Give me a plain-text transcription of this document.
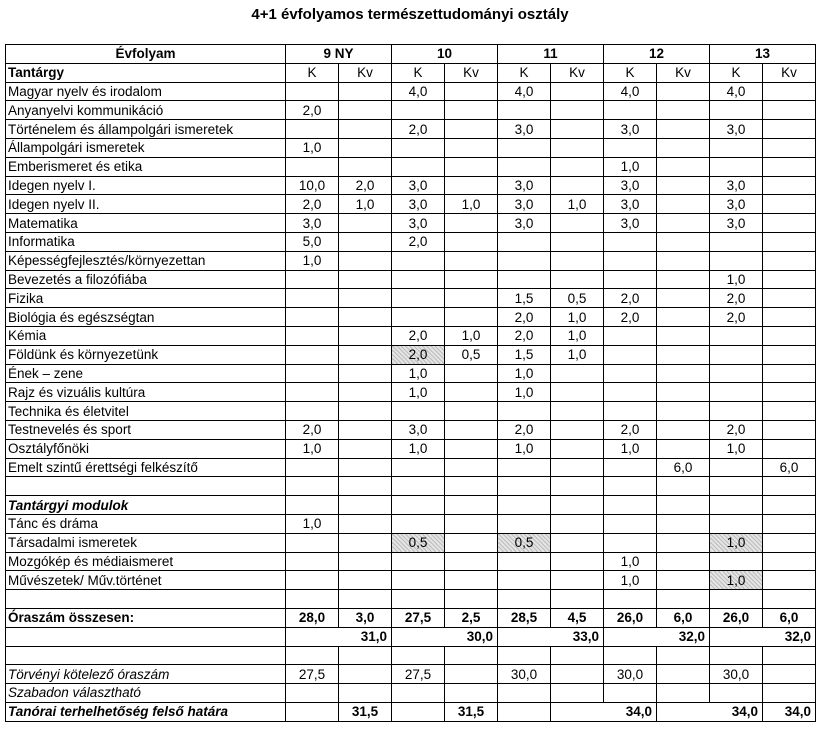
4+1 évfolyamos természettudományi osztály
Évfolyam	9 NY		10		11		12		13	
Tantárgy	K	Kv	K	Kv	K	Kv	K	Kv	K	Kv
Magyar nyelv és irodalom			4,0		4,0		4,0		4,0	
Anyanyelvi kommunikáció	2,0									
Történelem és állampolgári ismeretek			2,0		3,0		3,0		3,0	
Állampolgári ismeretek	1,0									
Emberismeret és etika							1,0			
Idegen nyelv I.	10,0	2,0	3,0		3,0		3,0		3,0	
Idegen nyelv II.	2,0	1,0	3,0	1,0	3,0	1,0	3,0		3,0	
Matematika	3,0		3,0		3,0		3,0		3,0	
Informatika	5,0		2,0							
Képességfejlesztés/környezettan	1,0									
Bevezetés a filozófiába									1,0	
Fizika					1,5	0,5	2,0		2,0	
Biológia és egészségtan					2,0	1,0	2,0		2,0	
Kémia			2,0	1,0	2,0	1,0				
Földünk és környezetünk			2,0	0,5	1,5	1,0				
Ének – zene			1,0		1,0					
Rajz és vizuális kultúra			1,0		1,0					
Technika és életvitel										
Testnevelés és sport	2,0		3,0		2,0		2,0		2,0	
Osztályfőnöki	1,0		1,0		1,0		1,0		1,0	
Emelt szintű érettségi felkészítő								6,0		6,0

Tantárgyi modulok										
Tánc és dráma	1,0									
Társadalmi ismeretek			0,5		0,5				1,0	
Mozgókép és médiaismeret							1,0			
Művészetek/ Műv.történet							1,0		1,0	

Óraszám összesen:	28,0	3,0	27,5	2,5	28,5	4,5	26,0	6,0	26,0	6,0
	31,0		30,0		33,0		32,0		32,0	

Törvényi kötelező óraszám	27,5		27,5		30,0		30,0		30,0	
Szabadon választható										
Tanórai terhelhetőség felső határa		31,5		31,5		34,0		34,0		34,0
